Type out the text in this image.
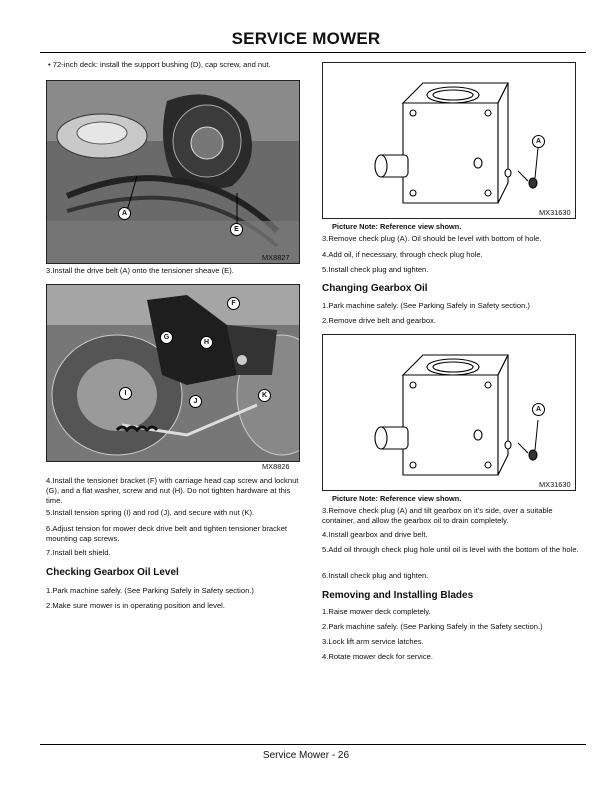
SERVICE MOWER
• 72-inch deck: install the support bushing (D), cap screw, and nut.
A
E
MX8827
3.Install the drive belt (A) onto the tensioner sheave (E).
F
G
H
I
J
K
MX8826
4.Install the tensioner bracket (F) with carriage head cap screw and locknut (G), and a flat washer, screw and nut (H). Do not tighten hardware at this time.
5.Install tension spring (I) and rod (J), and secure with nut (K).
6.Adjust tension for mower deck drive belt and tighten tensioner bracket mounting cap screws.
7.Install belt shield.
Checking Gearbox Oil Level
1.Park machine safely. (See Parking Safely in Safety section.)
2.Make sure mower is in operating position and level.
A
MX31630
Picture Note: Reference view shown.
3.Remove check plug (A). Oil should be level with bottom of hole.
4.Add oil, if necessary, through check plug hole.
5.Install check plug and tighten.
Changing Gearbox Oil
1.Park machine safely. (See Parking Safely in Safety section.)
2.Remove drive belt and gearbox.
A
MX31630
Picture Note: Reference view shown.
3.Remove check plug (A) and tilt gearbox on it's side, over a suitable container, and allow the gearbox oil to drain completely.
4.Install gearbox and drive belt.
5.Add oil through check plug hole until oil is level with the bottom of the hole.
6.Install check plug and tighten.
Removing and Installing Blades
1.Raise mower deck completely.
2.Park machine safely. (See Parking Safely in the Safety section.)
3.Lock lift arm service latches.
4.Rotate mower deck for service.
Service Mower - 26
